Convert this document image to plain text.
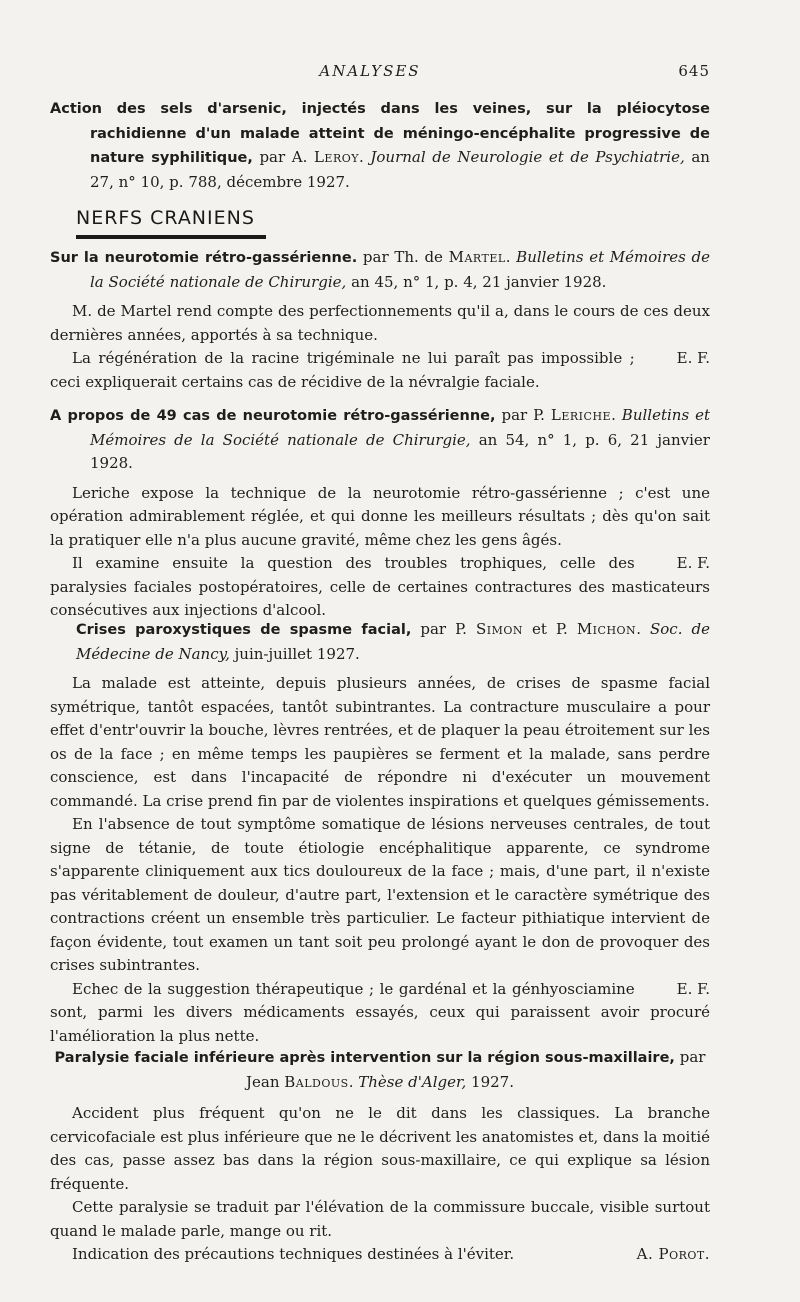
ANALYSES	645

Action des sels d'arsenic, injectés dans les veines, sur la pléiocytose rachidienne d'un malade atteint de méningo-encéphalite progressive de nature syphilitique, par A. Leroy. Journal de Neurologie et de Psychiatrie, an 27, n° 10, p. 788, décembre 1927.

NERFS CRANIENS

Sur la neurotomie rétro-gassérienne. par Th. de Martel. Bulletins et Mémoires de la Société nationale de Chirurgie, an 45, n° 1, p. 4, 21 janvier 1928.

M. de Martel rend compte des perfectionnements qu'il a, dans le cours de ces deux dernières années, apportés à sa technique.

E. F.
La régénération de la racine trigéminale ne lui paraît pas impossible ; ceci expliquerait certains cas de récidive de la névralgie faciale.

A propos de 49 cas de neurotomie rétro-gassérienne, par P. Leriche. Bulletins et Mémoires de la Société nationale de Chirurgie, an 54, n° 1, p. 6, 21 janvier 1928.

Leriche expose la technique de la neurotomie rétro-gassérienne ; c'est une opération admirablement réglée, et qui donne les meilleurs résultats ; dès qu'on sait la pratiquer elle n'a plus aucune gravité, même chez les gens âgés.

E. F.
Il examine ensuite la question des troubles trophiques, celle des paralysies faciales postopératoires, celle de certaines contractures des masticateurs consécutives aux injections d'alcool.

Crises paroxystiques de spasme facial, par P. Simon et P. Michon. Soc. de Médecine de Nancy, juin-juillet 1927.

La malade est atteinte, depuis plusieurs années, de crises de spasme facial symétrique, tantôt espacées, tantôt subintrantes. La contracture musculaire a pour effet d'entr'ouvrir la bouche, lèvres rentrées, et de plaquer la peau étroitement sur les os de la face ; en même temps les paupières se ferment et la malade, sans perdre conscience, est dans l'incapacité de répondre ni d'exécuter un mouvement commandé. La crise prend fin par de violentes inspirations et quelques gémissements.

En l'absence de tout symptôme somatique de lésions nerveuses centrales, de tout signe de tétanie, de toute étiologie encéphalitique apparente, ce syndrome s'apparente cliniquement aux tics douloureux de la face ; mais, d'une part, il n'existe pas véritablement de douleur, d'autre part, l'extension et le caractère symétrique des contractions créent un ensemble très particulier. Le facteur pithiatique intervient de façon évidente, tout examen un tant soit peu prolongé ayant le don de provoquer des crises subintrantes.

E. F.
Echec de la suggestion thérapeutique ; le gardénal et la génhyosciamine sont, parmi les divers médicaments essayés, ceux qui paraissent avoir procuré l'amélioration la plus nette.

Paralysie faciale inférieure après intervention sur la région sous-maxillaire, par Jean Baldous. Thèse d'Alger, 1927.

Accident plus fréquent qu'on ne le dit dans les classiques. La branche cervicofaciale est plus inférieure que ne le décrivent les anatomistes et, dans la moitié des cas, passe assez bas dans la région sous-maxillaire, ce qui explique sa lésion fréquente.

Cette paralysie se traduit par l'élévation de la commissure buccale, visible surtout quand le malade parle, mange ou rit.

A. Porot.
Indication des précautions techniques destinées à l'éviter.
